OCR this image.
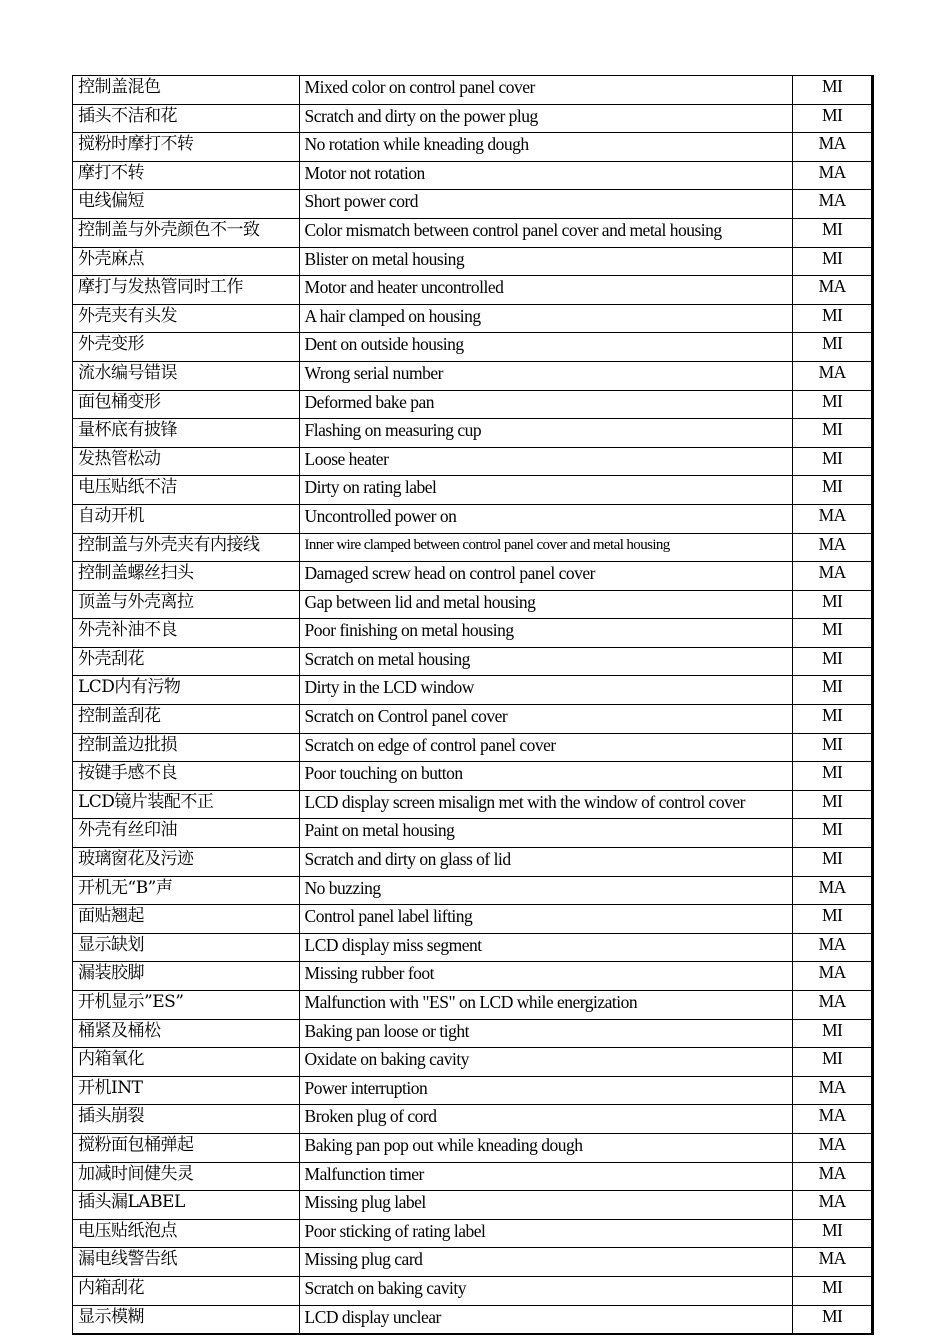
控制盖混色	Mixed color on control panel cover	MI
插头不洁和花	Scratch and dirty on the power plug	MI
搅粉时摩打不转	No rotation while kneading dough	MA
摩打不转	Motor not rotation	MA
电线偏短	Short power cord	MA
控制盖与外壳颜色不一致	Color mismatch between control panel cover and metal housing	MI
外壳麻点	Blister on metal housing	MI
摩打与发热管同时工作	Motor and heater uncontrolled	MA
外壳夹有头发	A hair clamped on housing	MI
外壳变形	Dent on outside housing	MI
流水编号错误	Wrong serial number	MA
面包桶变形	Deformed bake pan	MI
量杯底有披锋	Flashing on measuring cup	MI
发热管松动	Loose heater	MI
电压贴纸不洁	Dirty on rating label	MI
自动开机	Uncontrolled power on	MA
控制盖与外壳夹有内接线	Inner wire clamped between control panel cover and metal housing	MA
控制盖螺丝扫头	Damaged screw head on control panel cover	MA
顶盖与外壳离拉	Gap between lid and metal housing	MI
外壳补油不良	Poor finishing on metal housing	MI
外壳刮花	Scratch on metal housing	MI
LCD内有污物	Dirty in the LCD window	MI
控制盖刮花	Scratch on Control panel cover	MI
控制盖边批损	Scratch on edge of control panel cover	MI
按键手感不良	Poor touching on button	MI
LCD镜片装配不正	LCD display screen misalign met with the window of control cover	MI
外壳有丝印油	Paint on metal housing	MI
玻璃窗花及污迹	Scratch and dirty on glass of lid	MI
开机无“B”声	No buzzing	MA
面贴翘起	Control panel label lifting	MI
显示缺划	LCD display miss segment	MA
漏装胶脚	Missing rubber foot	MA
开机显示”ES”	Malfunction with "ES" on LCD while energization	MA
桶紧及桶松	Baking pan loose or tight	MI
内箱氧化	Oxidate on baking cavity	MI
开机INT	Power interruption	MA
插头崩裂	Broken plug of cord	MA
搅粉面包桶弹起	Baking pan pop out while kneading dough	MA
加减时间健失灵	Malfunction timer	MA
插头漏LABEL	Missing plug label	MA
电压贴纸泡点	Poor sticking of rating label	MI
漏电线警告纸	Missing plug card	MA
内箱刮花	Scratch on baking cavity	MI
显示模糊	LCD display unclear	MI
